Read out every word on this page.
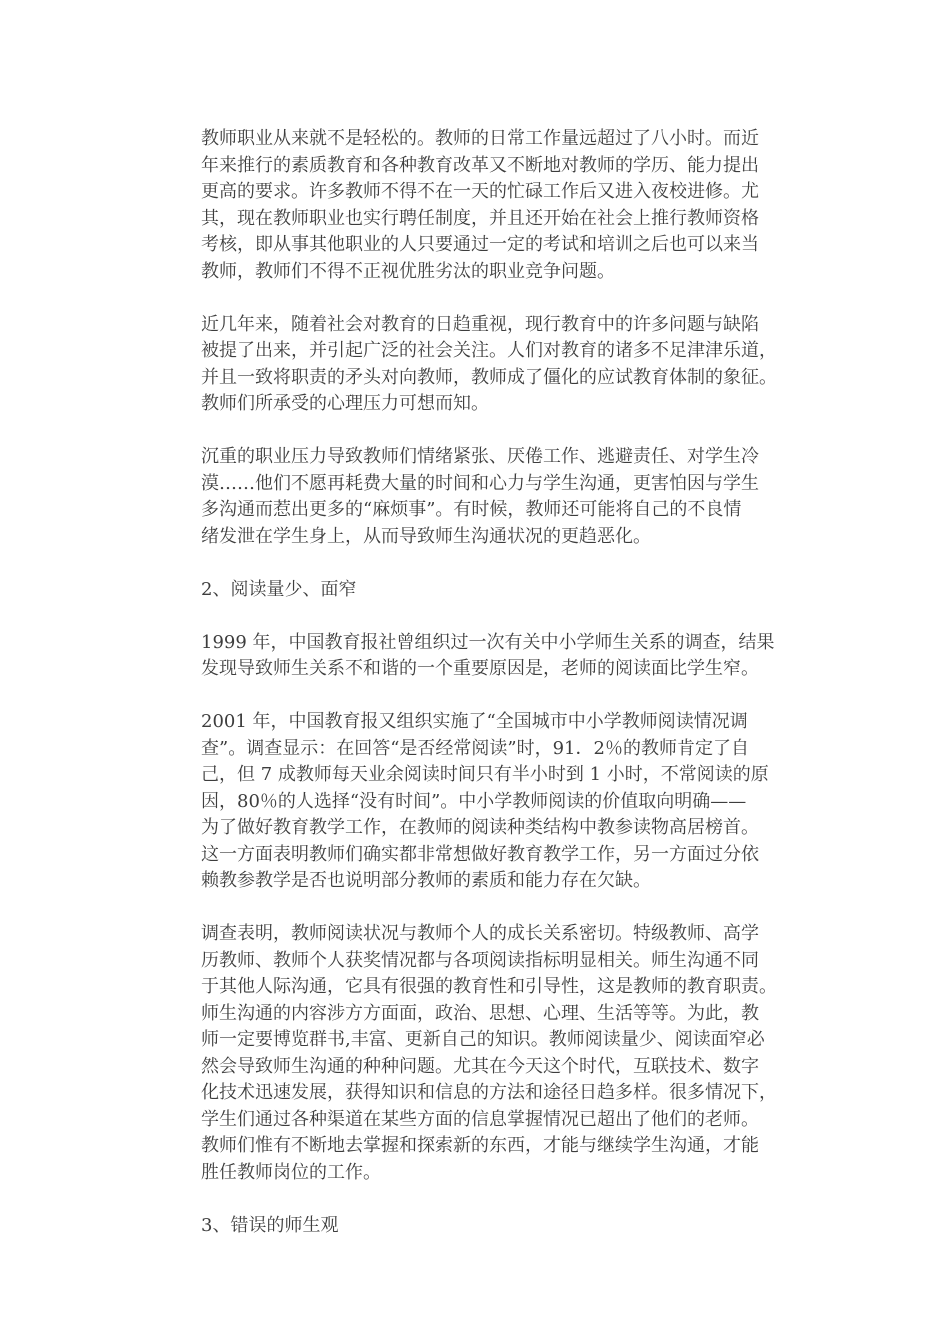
教师职业从来就不是轻松的。教师的日常工作量远超过了八小时。而近
年来推行的素质教育和各种教育改革又不断地对教师的学历、能力提出
更高的要求。许多教师不得不在一天的忙碌工作后又进入夜校进修。尤
其，现在教师职业也实行聘任制度，并且还开始在社会上推行教师资格
考核，即从事其他职业的人只要通过一定的考试和培训之后也可以来当
教师，教师们不得不正视优胜劣汰的职业竞争问题。

近几年来，随着社会对教育的日趋重视，现行教育中的许多问题与缺陷
被提了出来，并引起广泛的社会关注。人们对教育的诸多不足津津乐道，
并且一致将职责的矛头对向教师，教师成了僵化的应试教育体制的象征。
教师们所承受的心理压力可想而知。

沉重的职业压力导致教师们情绪紧张、厌倦工作、逃避责任、对学生冷
漠……他们不愿再耗费大量的时间和心力与学生沟通，更害怕因与学生
多沟通而惹出更多的“麻烦事”。有时候，教师还可能将自己的不良情
绪发泄在学生身上，从而导致师生沟通状况的更趋恶化。

2、阅读量少、面窄

1999 年，中国教育报社曾组织过一次有关中小学师生关系的调查，结果
发现导致师生关系不和谐的一个重要原因是，老师的阅读面比学生窄。

2001 年，中国教育报又组织实施了“全国城市中小学教师阅读情况调
查”。调查显示：在回答“是否经常阅读”时，91．2％的教师肯定了自
己，但 7 成教师每天业余阅读时间只有半小时到 1 小时，不常阅读的原
因，80％的人选择“没有时间”。中小学教师阅读的价值取向明确——
为了做好教育教学工作，在教师的阅读种类结构中教参读物高居榜首。
这一方面表明教师们确实都非常想做好教育教学工作，另一方面过分依
赖教参教学是否也说明部分教师的素质和能力存在欠缺。

调查表明，教师阅读状况与教师个人的成长关系密切。特级教师、高学
历教师、教师个人获奖情况都与各项阅读指标明显相关。师生沟通不同
于其他人际沟通，它具有很强的教育性和引导性，这是教师的教育职责。
师生沟通的内容涉方方面面，政治、思想、心理、生活等等。为此，教
师一定要博览群书,丰富、更新自己的知识。教师阅读量少、阅读面窄必
然会导致师生沟通的种种问题。尤其在今天这个时代，互联技术、数字
化技术迅速发展，获得知识和信息的方法和途径日趋多样。很多情况下，
学生们通过各种渠道在某些方面的信息掌握情况已超出了他们的老师。
教师们惟有不断地去掌握和探索新的东西，才能与继续学生沟通，才能
胜任教师岗位的工作。

3、错误的师生观
